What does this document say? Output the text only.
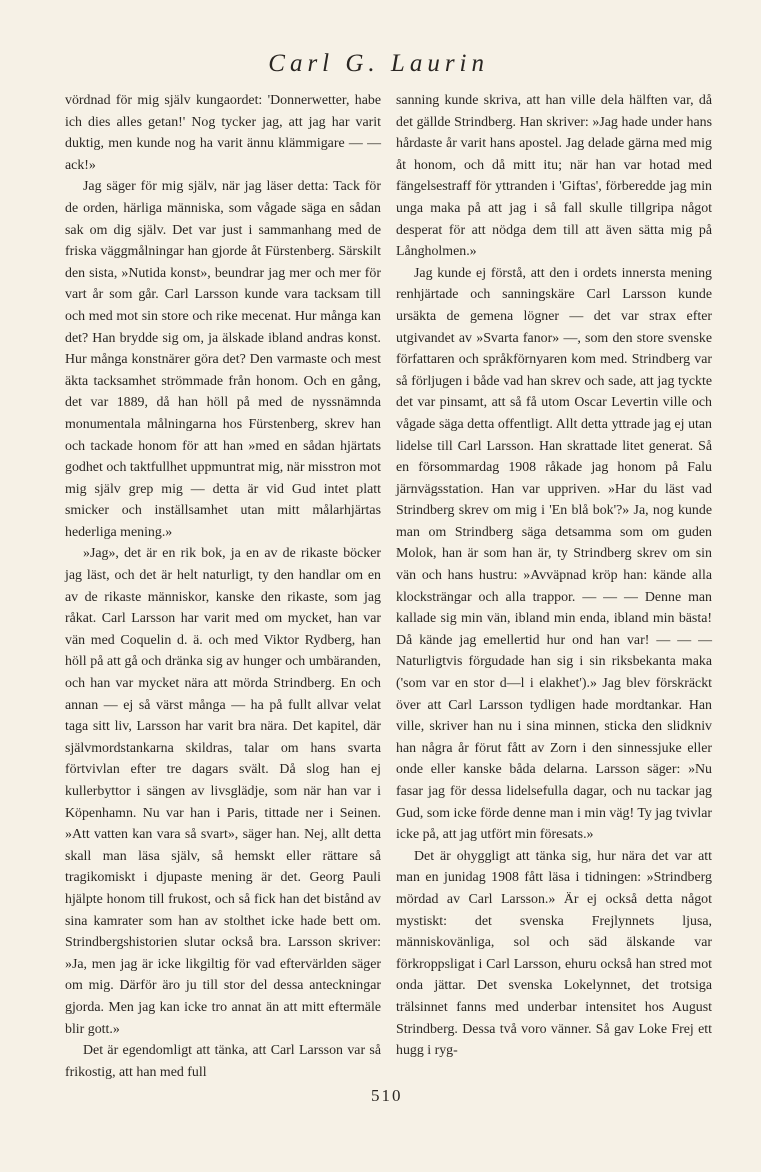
Carl G. Laurin

vördnad för mig själv kungaordet: 'Donnerwetter, habe ich dies alles getan!' Nog tycker jag, att jag har varit duktig, men kunde nog ha varit ännu klämmigare — — ack!»

Jag säger för mig själv, när jag läser detta: Tack för de orden, härliga människa, som vågade säga en sådan sak om dig själv. Det var just i sammanhang med de friska väggmålningar han gjorde åt Fürstenberg. Särskilt den sista, »Nutida konst», beundrar jag mer och mer för vart år som går. Carl Larsson kunde vara tacksam till och med mot sin store och rike mecenat. Hur många kan det? Han brydde sig om, ja älskade ibland andras konst. Hur många konstnärer göra det? Den varmaste och mest äkta tacksamhet strömmade från honom. Och en gång, det var 1889, då han höll på med de nyssnämnda monumentala målningarna hos Fürstenberg, skrev han och tackade honom för att han »med en sådan hjärtats godhet och taktfullhet uppmuntrat mig, när misstron mot mig själv grep mig — detta är vid Gud intet platt smicker och inställsamhet utan mitt målarhjärtas hederliga mening.»

»Jag», det är en rik bok, ja en av de rikaste böcker jag läst, och det är helt naturligt, ty den handlar om en av de rikaste människor, kanske den rikaste, som jag råkat. Carl Larsson har varit med om mycket, han var vän med Coquelin d. ä. och med Viktor Rydberg, han höll på att gå och dränka sig av hunger och umbäranden, och han var mycket nära att mörda Strindberg. En och annan — ej så värst många — ha på fullt allvar velat taga sitt liv, Larsson har varit bra nära. Det kapitel, där självmordstankarna skildras, talar om hans svarta förtvivlan efter tre dagars svält. Då slog han ej kullerbyttor i sängen av livsglädje, som när han var i Köpenhamn. Nu var han i Paris, tittade ner i Seinen. »Att vatten kan vara så svart», säger han. Nej, allt detta skall man läsa själv, så hemskt eller rättare så tragikomiskt i djupaste mening är det. Georg Pauli hjälpte honom till frukost, och så fick han det bistånd av sina kamrater som han av stolthet icke hade bett om. Strindbergshistorien slutar också bra. Larsson skriver: »Ja, men jag är icke likgiltig för vad eftervärlden säger om mig. Därför äro ju till stor del dessa anteckningar gjorda. Men jag kan icke tro annat än att mitt eftermäle blir gott.»

Det är egendomligt att tänka, att Carl Larsson var så frikostig, att han med full

sanning kunde skriva, att han ville dela hälften var, då det gällde Strindberg. Han skriver: »Jag hade under hans hårdaste år varit hans apostel. Jag delade gärna med mig åt honom, och då mitt itu; när han var hotad med fängelsestraff för yttranden i 'Giftas', förberedde jag min unga maka på att jag i så fall skulle tillgripa något desperat för att nödga dem till att även sätta mig på Långholmen.»

Jag kunde ej förstå, att den i ordets innersta mening renhjärtade och sanningskäre Carl Larsson kunde ursäkta de gemena lögner — det var strax efter utgivandet av »Svarta fanor» —, som den store svenske författaren och språkförnyaren kom med. Strindberg var så förljugen i både vad han skrev och sade, att jag tyckte det var pinsamt, att så få utom Oscar Levertin ville och vågade säga detta offentligt. Allt detta yttrade jag ej utan lidelse till Carl Larsson. Han skrattade litet generat. Så en försommardag 1908 råkade jag honom på Falu järnvägsstation. Han var uppriven. »Har du läst vad Strindberg skrev om mig i 'En blå bok'?» Ja, nog kunde man om Strindberg säga detsamma som om guden Molok, han är som han är, ty Strindberg skrev om sin vän och hans hustru: »Avväpnad kröp han: kände alla klocksträngar och alla trappor. — — — Denne man kallade sig min vän, ibland min enda, ibland min bästa! Då kände jag emellertid hur ond han var! — — — Naturligtvis förgudade han sig i sin riksbekanta maka ('som var en stor d—l i elakhet').» Jag blev förskräckt över att Carl Larsson tydligen hade mordtankar. Han ville, skriver han nu i sina minnen, sticka den slidkniv han några år förut fått av Zorn i den sinnessjuke eller onde eller kanske båda delarna. Larsson säger: »Nu fasar jag för dessa lidelsefulla dagar, och nu tackar jag Gud, som icke förde denne man i min väg! Ty jag tvivlar icke på, att jag utfört min föresats.»

Det är ohyggligt att tänka sig, hur nära det var att man en junidag 1908 fått läsa i tidningen: »Strindberg mördad av Carl Larsson.» Är ej också detta något mystiskt: det svenska Frejlynnets ljusa, människovänliga, sol och säd älskande var förkroppsligat i Carl Larsson, ehuru också han stred mot onda jättar. Det svenska Lokelynnet, det trotsiga trälsinnet fanns med underbar intensitet hos August Strindberg. Dessa två voro vänner. Så gav Loke Frej ett hugg i ryg-

510
